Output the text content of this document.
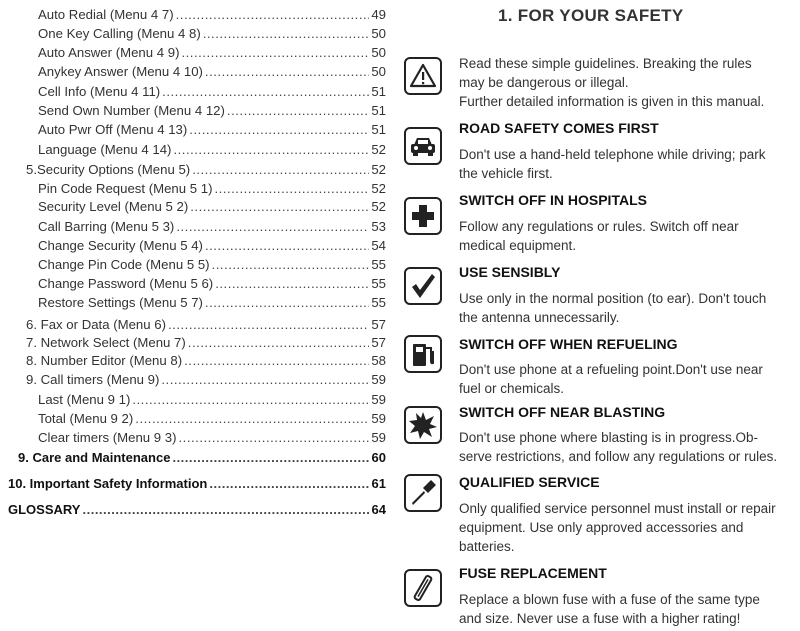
Auto Redial (Menu 4 7) .....	49
One Key Calling (Menu 4 8) .....	50
Auto Answer (Menu 4 9) .....	50
Anykey Answer (Menu 4 10) .....	50
Cell Info (Menu 4 11) .....	51
Send Own Number (Menu 4 12) .....	51
Auto Pwr Off (Menu 4 13) .....	51
Language (Menu 4 14) .....	52
5.Security Options (Menu 5) .....	52
Pin Code Request (Menu 5 1) .....	52
Security Level (Menu 5 2) .....	52
Call Barring (Menu 5 3) .....	53
Change Security (Menu 5 4) .....	54
Change Pin Code (Menu 5 5) .....	55
Change Password (Menu 5 6) .....	55
Restore Settings (Menu 5 7) .....	55
6. Fax or Data (Menu 6) .....	57
7. Network Select (Menu 7) .....	57
8. Number Editor (Menu 8) .....	58
9. Call timers (Menu 9) .....	59
Last (Menu 9 1) .....	59
Total (Menu 9 2) .....	59
Clear timers (Menu 9 3) .....	59
9. Care and Maintenance .....	60
10. Important Safety Information .....	61
GLOSSARY .....	64
1. FOR YOUR SAFETY
Read these simple guidelines. Breaking the rules
may be dangerous or illegal.
Further detailed information is given in this manual.
ROAD SAFETY COMES FIRST
Don't use a hand-held telephone while driving; park
the vehicle first.
SWITCH OFF IN HOSPITALS
Follow any regulations or rules. Switch off near
medical equipment.
USE SENSIBLY
Use only in the normal position (to ear). Don't touch
the antenna unnecessarily.
SWITCH OFF WHEN REFUELING
Don't use phone at a refueling point.Don't use near
fuel or chemicals.
SWITCH OFF NEAR BLASTING
Don't use phone where blasting is in progress.Ob-
serve restrictions, and follow any regulations or rules.
QUALIFIED SERVICE
Only qualified service personnel must install or repair
equipment. Use only approved accessories and
batteries.
FUSE REPLACEMENT
Replace a blown fuse with a fuse of the same type
and size. Never use a fuse with a higher rating!
